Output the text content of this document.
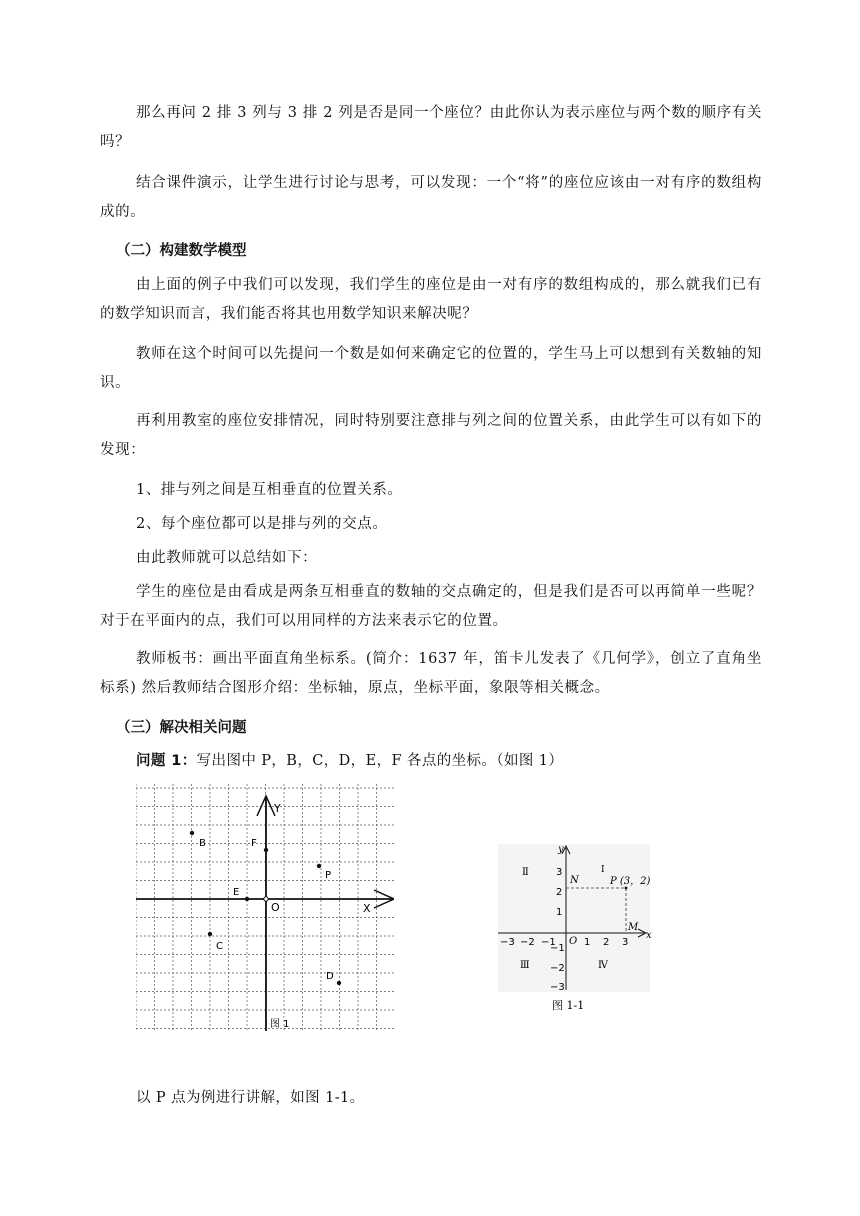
那么再问 2 排 3 列与 3 排 2 列是否是同一个座位？由此你认为表示座位与两个数的顺序有关吗？

结合课件演示，让学生进行讨论与思考，可以发现：一个“将”的座位应该由一对有序的数组构成的。

（二）构建数学模型

由上面的例子中我们可以发现，我们学生的座位是由一对有序的数组构成的，那么就我们已有的数学知识而言，我们能否将其也用数学知识来解决呢？

教师在这个时间可以先提问一个数是如何来确定它的位置的，学生马上可以想到有关数轴的知识。

再利用教室的座位安排情况，同时特别要注意排与列之间的位置关系，由此学生可以有如下的发现：

1、排与列之间是互相垂直的位置关系。

2、每个座位都可以是排与列的交点。

由此教师就可以总结如下：

学生的座位是由看成是两条互相垂直的数轴的交点确定的，但是我们是否可以再简单一些呢？对于在平面内的点，我们可以用同样的方法来表示它的位置。

教师板书：画出平面直角坐标系。(简介：1637 年，笛卡儿发表了《几何学》，创立了直角坐标系) 然后教师结合图形介绍：坐标轴，原点，坐标平面，象限等相关概念。

（三）解决相关问题

问题 1：写出图中 P，B，C，D，E，F 各点的坐标。（如图 1）

Y
X
O
B	F
E
P
C
D
图 1
x
y
O
−3 −2 −1	1 2 3
3
2
1
−1
−2
−3
Ⅱ	Ⅰ
Ⅲ	Ⅳ
N	P (3，2)
M
图 1-1

以 P 点为例进行讲解，如图 1-1。
